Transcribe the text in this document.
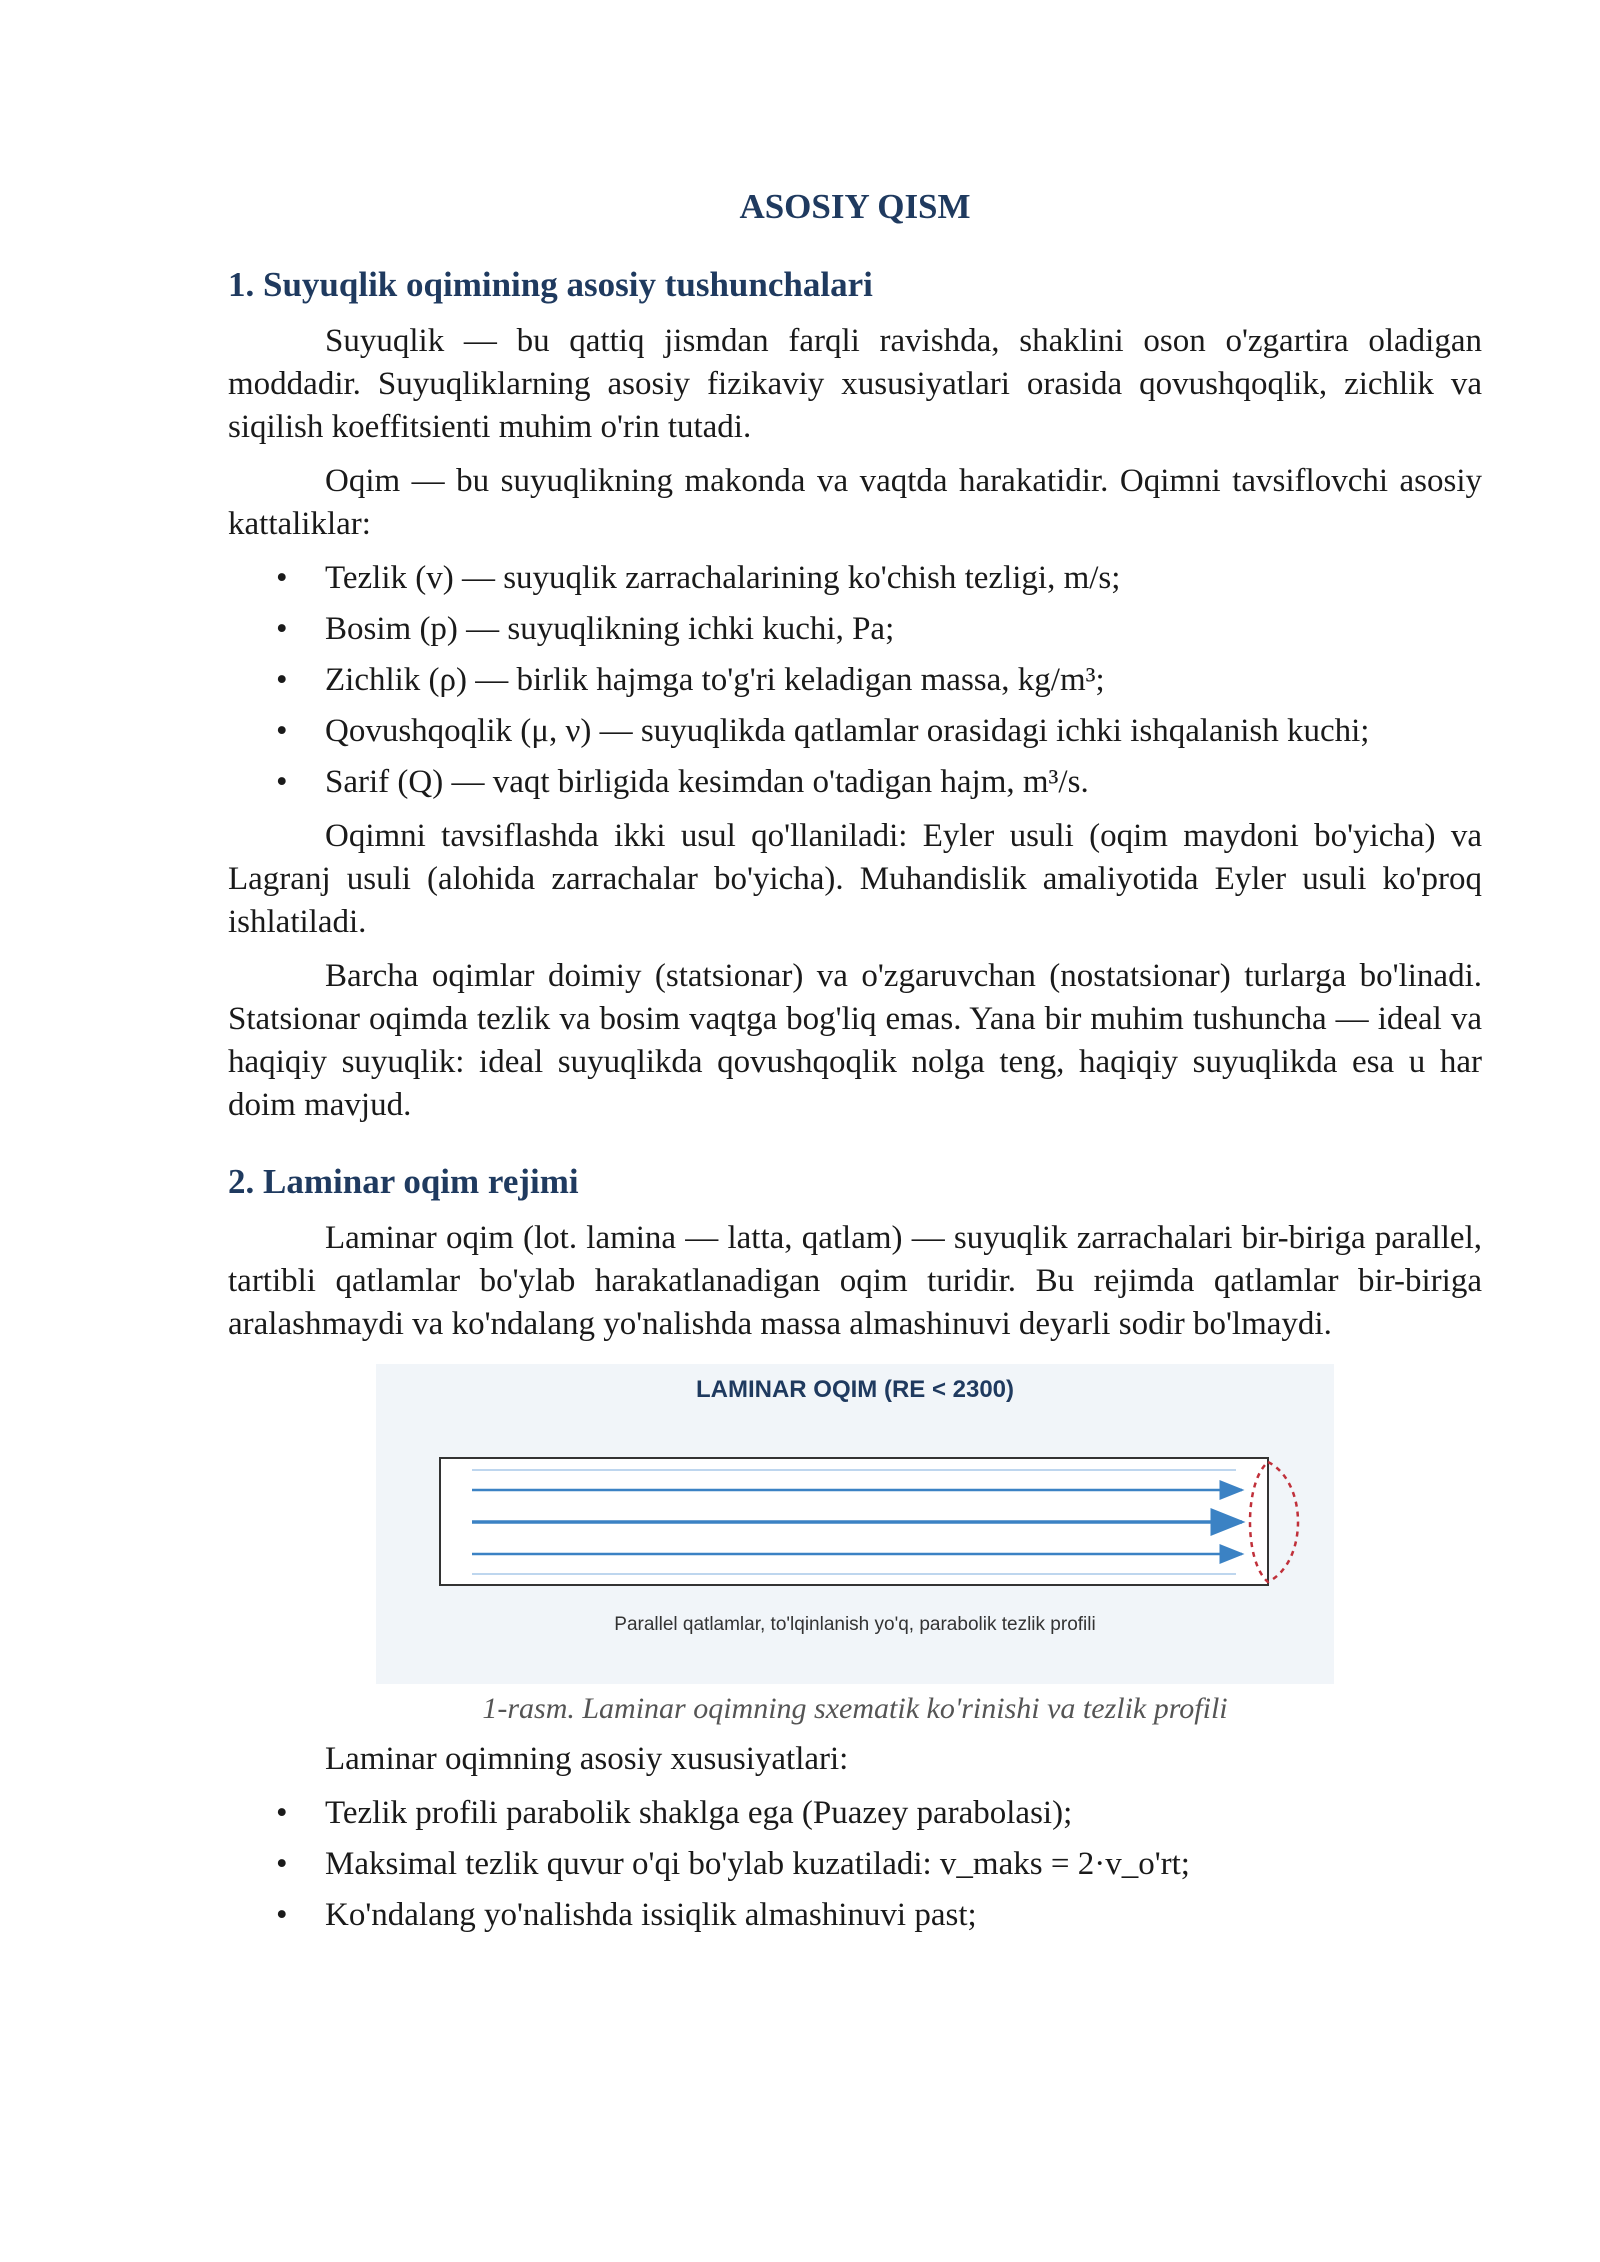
ASOSIY QISM
1. Suyuqlik oqimining asosiy tushunchalari

Suyuqlik — bu qattiq jismdan farqli ravishda, shaklini oson o'zgartira oladigan moddadir. Suyuqliklarning asosiy fizikaviy xususiyatlari orasida qovushqoqlik, zichlik va siqilish koeffitsienti muhim o'rin tutadi.

Oqim — bu suyuqlikning makonda va vaqtda harakatidir. Oqimni tavsiflovchi asosiy kattaliklar:

• Tezlik (v) — suyuqlik zarrachalarining ko'chish tezligi, m/s;
• Bosim (p) — suyuqlikning ichki kuchi, Pa;
• Zichlik (ρ) — birlik hajmga to'g'ri keladigan massa, kg/m³;
• Qovushqoqlik (μ, ν) — suyuqlikda qatlamlar orasidagi ichki ishqalanish kuchi;
• Sarif (Q) — vaqt birligida kesimdan o'tadigan hajm, m³/s.

Oqimni tavsiflashda ikki usul qo'llaniladi: Eyler usuli (oqim maydoni bo'yicha) va Lagranj usuli (alohida zarrachalar bo'yicha). Muhandislik amaliyotida Eyler usuli ko'proq ishlatiladi.

Barcha oqimlar doimiy (statsionar) va o'zgaruvchan (nostatsionar) turlarga bo'linadi. Statsionar oqimda tezlik va bosim vaqtga bog'liq emas. Yana bir muhim tushuncha — ideal va haqiqiy suyuqlik: ideal suyuqlikda qovushqoqlik nolga teng, haqiqiy suyuqlikda esa u har doim mavjud.

2. Laminar oqim rejimi

Laminar oqim (lot. lamina — latta, qatlam) — suyuqlik zarrachalari bir-biriga parallel, tartibli qatlamlar bo'ylab harakatlanadigan oqim turidir. Bu rejimda qatlamlar bir-biriga aralashmaydi va ko'ndalang yo'nalishda massa almashinuvi deyarli sodir bo'lmaydi.

LAMINAR OQIM (RE < 2300)
Parallel qatlamlar, to'lqinlanish yo'q, parabolik tezlik profili
1-rasm. Laminar oqimning sxematik ko'rinishi va tezlik profili

Laminar oqimning asosiy xususiyatlari:

• Tezlik profili parabolik shaklga ega (Puazey parabolasi);
• Maksimal tezlik quvur o'qi bo'ylab kuzatiladi: v_maks = 2·v_o'rt;
• Ko'ndalang yo'nalishda issiqlik almashinuvi past;
